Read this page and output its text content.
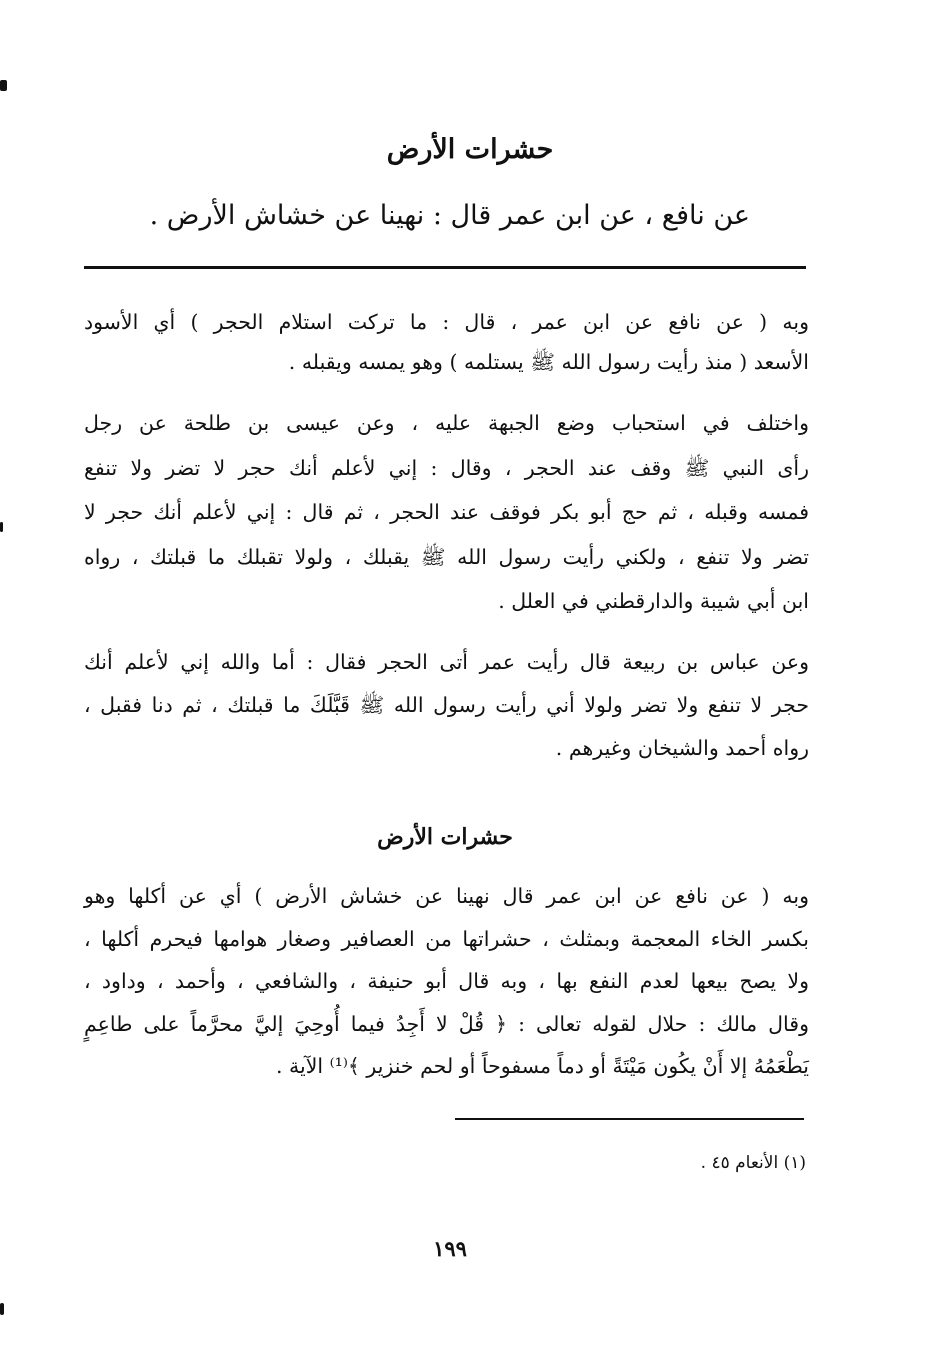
حشرات الأرض
عن نافع ، عن ابن عمر قال : نهينا عن خشاش الأرض .
وبه ( عن نافع عن ابن عمر ، قال : ما تركت استلام الحجر ) أي الأسود
الأسعد ( منذ رأيت رسول الله ﷺ يستلمه ) وهو يمسه ويقبله .
واختلف في استحباب وضع الجبهة عليه ، وعن عيسى بن طلحة عن رجل
رأى النبي ﷺ وقف عند الحجر ، وقال : إني لأعلم أنك حجر لا تضر ولا تنفع
فمسه وقبله ، ثم حج أبو بكر فوقف عند الحجر ، ثم قال : إني لأعلم أنك حجر لا
تضر ولا تنفع ، ولكني رأيت رسول الله ﷺ يقبلك ، ولولا تقبلك ما قبلتك ، رواه
ابن أبي شيبة والدارقطني في العلل .
وعن عباس بن ربيعة قال رأيت عمر أتى الحجر فقال : أما والله إني لأعلم أنك
حجر لا تنفع ولا تضر ولولا أني رأيت رسول الله ﷺ قَبَّلَكَ ما قبلتك ، ثم دنا فقبل ،
رواه أحمد والشيخان وغيرهم .
حشرات الأرض
وبه ( عن نافع عن ابن عمر قال نهينا عن خشاش الأرض ) أي عن أكلها وهو
بكسر الخاء المعجمة وبمثلث ، حشراتها من العصافير وصغار هوامها فيحرم أكلها ،
ولا يصح بيعها لعدم النفع بها ، وبه قال أبو حنيفة ، والشافعي ، وأحمد ، وداود ،
وقال مالك : حلال لقوله تعالى : ﴿ قُلْ لا أَجِدُ فيما أُوحِيَ إليَّ محرَّماً على طاعِمٍ
يَطْعَمُهُ إلا أَنْ يكُون مَيْتَةً أو دماً مسفوحاً أو لحم خنزير ﴾⁽¹⁾ الآية .
(١) الأنعام ٤٥ .
١٩٩
